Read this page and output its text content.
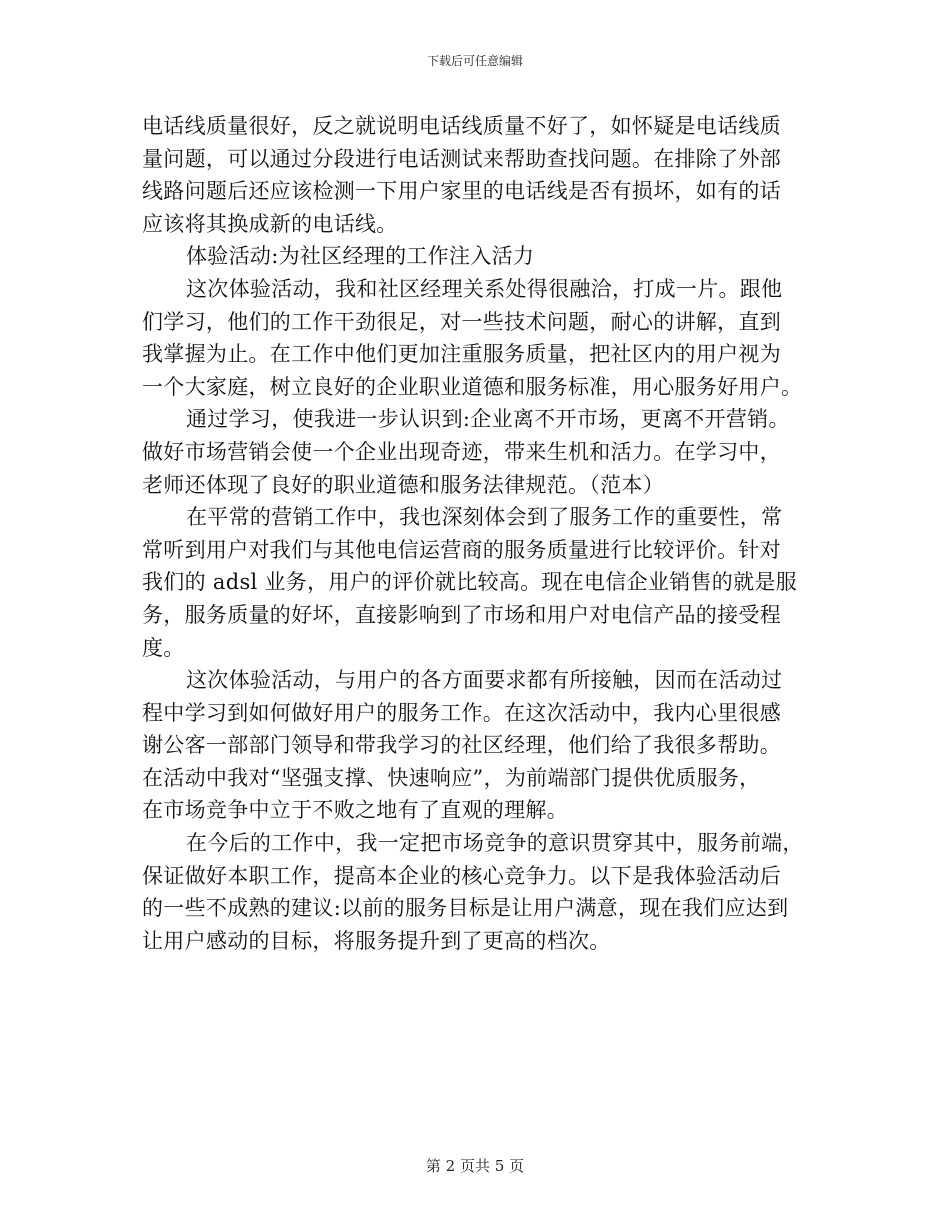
下载后可任意编辑
电话线质量很好，反之就说明电话线质量不好了，如怀疑是电话线质
量问题，可以通过分段进行电话测试来帮助查找问题。在排除了外部
线路问题后还应该检测一下用户家里的电话线是否有损坏，如有的话
应该将其换成新的电话线。
体验活动:为社区经理的工作注入活力
这次体验活动，我和社区经理关系处得很融洽，打成一片。跟他
们学习，他们的工作干劲很足，对一些技术问题，耐心的讲解，直到
我掌握为止。在工作中他们更加注重服务质量，把社区内的用户视为
一个大家庭，树立良好的企业职业道德和服务标准，用心服务好用户。
通过学习，使我进一步认识到:企业离不开市场，更离不开营销。
做好市场营销会使一个企业出现奇迹，带来生机和活力。在学习中，
老师还体现了良好的职业道德和服务法律规范。（范本）
在平常的营销工作中，我也深刻体会到了服务工作的重要性，常
常听到用户对我们与其他电信运营商的服务质量进行比较评价。针对
我们的 adsl 业务，用户的评价就比较高。现在电信企业销售的就是服
务，服务质量的好坏，直接影响到了市场和用户对电信产品的接受程
度。
这次体验活动，与用户的各方面要求都有所接触，因而在活动过
程中学习到如何做好用户的服务工作。在这次活动中，我内心里很感
谢公客一部部门领导和带我学习的社区经理，他们给了我很多帮助。
在活动中我对“坚强支撑、快速响应”，为前端部门提供优质服务，
在市场竞争中立于不败之地有了直观的理解。
在今后的工作中，我一定把市场竞争的意识贯穿其中，服务前端，
保证做好本职工作，提高本企业的核心竞争力。以下是我体验活动后
的一些不成熟的建议:以前的服务目标是让用户满意，现在我们应达到
让用户感动的目标，将服务提升到了更高的档次。
第 2 页共 5 页
